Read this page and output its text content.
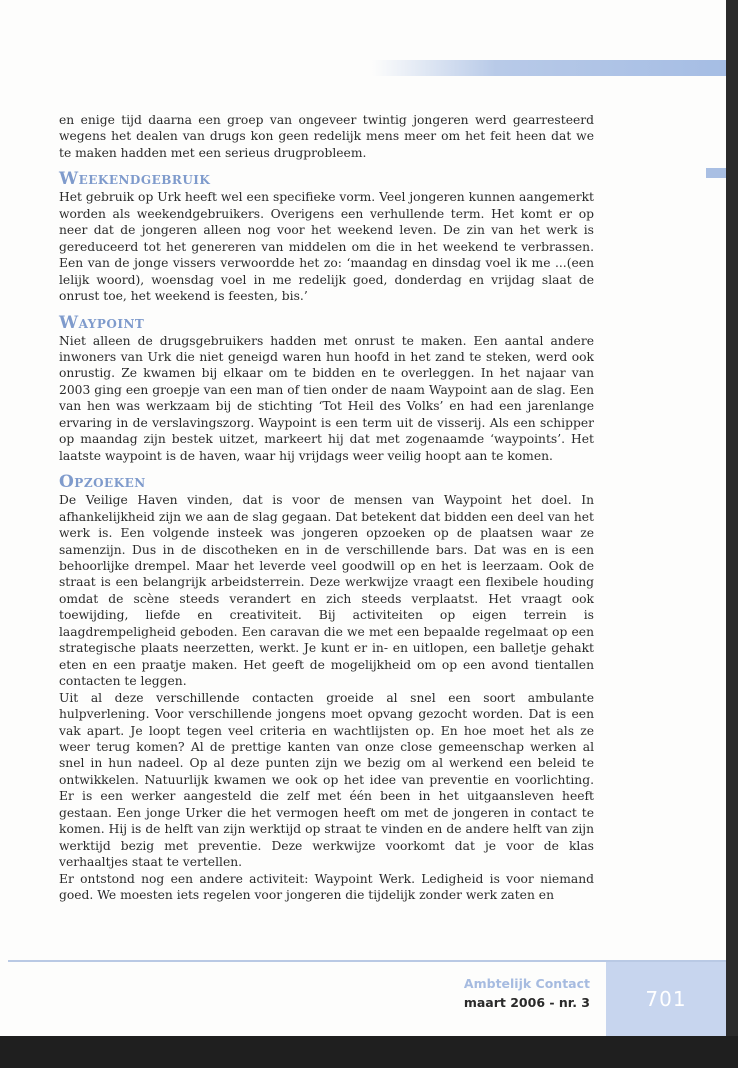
en enige tijd daarna een groep van ongeveer twintig jongeren werd gearresteerd wegens het dealen van drugs kon geen redelijk mens meer om het feit heen dat we te maken hadden met een serieus drugprobleem.

Weekendgebruik

Het gebruik op Urk heeft wel een specifieke vorm. Veel jongeren kunnen aangemerkt worden als weekendgebruikers. Overigens een verhullende term. Het komt er op neer dat de jongeren alleen nog voor het weekend leven. De zin van het werk is gereduceerd tot het genereren van middelen om die in het weekend te verbrassen. Een van de jonge vissers verwoordde het zo: ‘maandag en dinsdag voel ik me ...(een lelijk woord), woensdag voel in me redelijk goed, donderdag en vrijdag slaat de onrust toe, het weekend is feesten, bis.’

Waypoint

Niet alleen de drugsgebruikers hadden met onrust te maken. Een aantal andere inwoners van Urk die niet geneigd waren hun hoofd in het zand te steken, werd ook onrustig. Ze kwamen bij elkaar om te bidden en te overleggen. In het najaar van 2003 ging een groepje van een man of tien onder de naam Waypoint aan de slag. Een van hen was werkzaam bij de stichting ‘Tot Heil des Volks’ en had een jarenlange ervaring in de verslavingszorg. Waypoint is een term uit de visserij. Als een schipper op maandag zijn bestek uitzet, markeert hij dat met zogenaamde ‘waypoints’. Het laatste waypoint is de haven, waar hij vrijdags weer veilig hoopt aan te komen.

Opzoeken

De Veilige Haven vinden, dat is voor de mensen van Waypoint het doel. In afhankelijkheid zijn we aan de slag gegaan. Dat betekent dat bidden een deel van het werk is. Een volgende insteek was jongeren opzoeken op de plaatsen waar ze samenzijn. Dus in de discotheken en in de verschillende bars. Dat was en is een behoorlijke drempel. Maar het leverde veel goodwill op en het is leerzaam. Ook de straat is een belangrijk arbeidsterrein. Deze werkwijze vraagt een flexibele houding omdat de scène steeds verandert en zich steeds verplaatst. Het vraagt ook toewijding, liefde en creativiteit. Bij activiteiten op eigen terrein is laagdrempeligheid geboden. Een caravan die we met een bepaalde regelmaat op een strategische plaats neerzetten, werkt. Je kunt er in- en uitlopen, een balletje gehakt eten en een praatje maken. Het geeft de mogelijkheid om op een avond tientallen contacten te leggen.

Uit al deze verschillende contacten groeide al snel een soort ambulante hulpverlening. Voor verschillende jongens moet opvang gezocht worden. Dat is een vak apart. Je loopt tegen veel criteria en wachtlijsten op. En hoe moet het als ze weer terug komen? Al de prettige kanten van onze close gemeenschap werken al snel in hun nadeel. Op al deze punten zijn we bezig om al werkend een beleid te ontwikkelen. Natuurlijk kwamen we ook op het idee van preventie en voorlichting. Er is een werker aangesteld die zelf met één been in het uitgaansleven heeft gestaan. Een jonge Urker die het vermogen heeft om met de jongeren in contact te komen. Hij is de helft van zijn werktijd op straat te vinden en de andere helft van zijn werktijd bezig met preventie. Deze werkwijze voorkomt dat je voor de klas verhaaltjes staat te vertellen.

Er ontstond nog een andere activiteit: Waypoint Werk. Ledigheid is voor niemand goed. We moesten iets regelen voor jongeren die tijdelijk zonder werk zaten en

Ambtelijk Contact
maart 2006 - nr. 3	701
